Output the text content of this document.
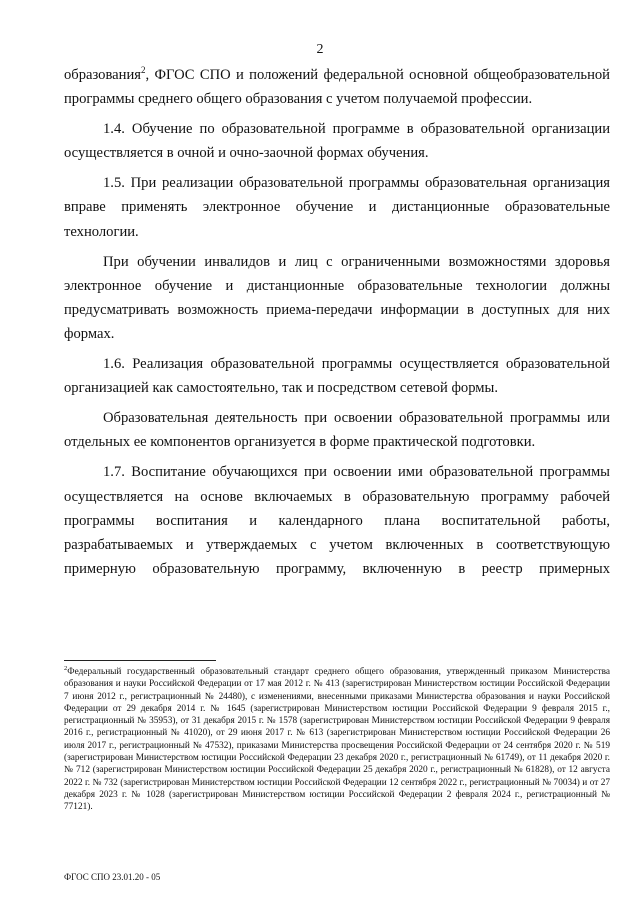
2

образования$^2$, ФГОС СПО и положений федеральной основной общеобразовательной программы среднего общего образования с учетом получаемой профессии.

1.4. Обучение по образовательной программе в образовательной организации осуществляется в очной и очно-заочной формах обучения.

1.5. При реализации образовательной программы образовательная организация вправе применять электронное обучение и дистанционные образовательные технологии.

При обучении инвалидов и лиц с ограниченными возможностями здоровья электронное обучение и дистанционные образовательные технологии должны предусматривать возможность приема-передачи информации в доступных для них формах.

1.6. Реализация образовательной программы осуществляется образовательной организацией как самостоятельно, так и посредством сетевой формы.

Образовательная деятельность при освоении образовательной программы или отдельных ее компонентов организуется в форме практической подготовки.

1.7. Воспитание обучающихся при освоении ими образовательной программы осуществляется на основе включаемых в образовательную программу рабочей программы воспитания и календарного плана воспитательной работы, разрабатываемых и утверждаемых с учетом включенных в соответствующую примерную образовательную программу, включенную в реестр примерных

$^2$Федеральный государственный образовательный стандарт среднего общего образования, утвержденный приказом Министерства образования и науки Российской Федерации от 17 мая 2012 г. № 413 (зарегистрирован Министерством юстиции Российской Федерации 7 июня 2012 г., регистрационный № 24480), с изменениями, внесенными приказами Министерства образования и науки Российской Федерации от 29 декабря 2014 г. № 1645 (зарегистрирован Министерством юстиции Российской Федерации 9 февраля 2015 г., регистрационный № 35953), от 31 декабря 2015 г. № 1578 (зарегистрирован Министерством юстиции Российской Федерации 9 февраля 2016 г., регистрационный № 41020), от 29 июня 2017 г. № 613 (зарегистрирован Министерством юстиции Российской Федерации 26 июля 2017 г., регистрационный № 47532), приказами Министерства просвещения Российской Федерации от 24 сентября 2020 г. № 519 (зарегистрирован Министерством юстиции Российской Федерации 23 декабря 2020 г., регистрационный № 61749), от 11 декабря 2020 г. № 712 (зарегистрирован Министерством юстиции Российской Федерации 25 декабря 2020 г., регистрационный № 61828), от 12 августа 2022 г. № 732 (зарегистрирован Министерством юстиции Российской Федерации 12 сентября 2022 г., регистрационный № 70034) и от 27 декабря 2023 г. № 1028 (зарегистрирован Министерством юстиции Российской Федерации 2 февраля 2024 г., регистрационный № 77121).
ФГОС СПО 23.01.20 - 05
